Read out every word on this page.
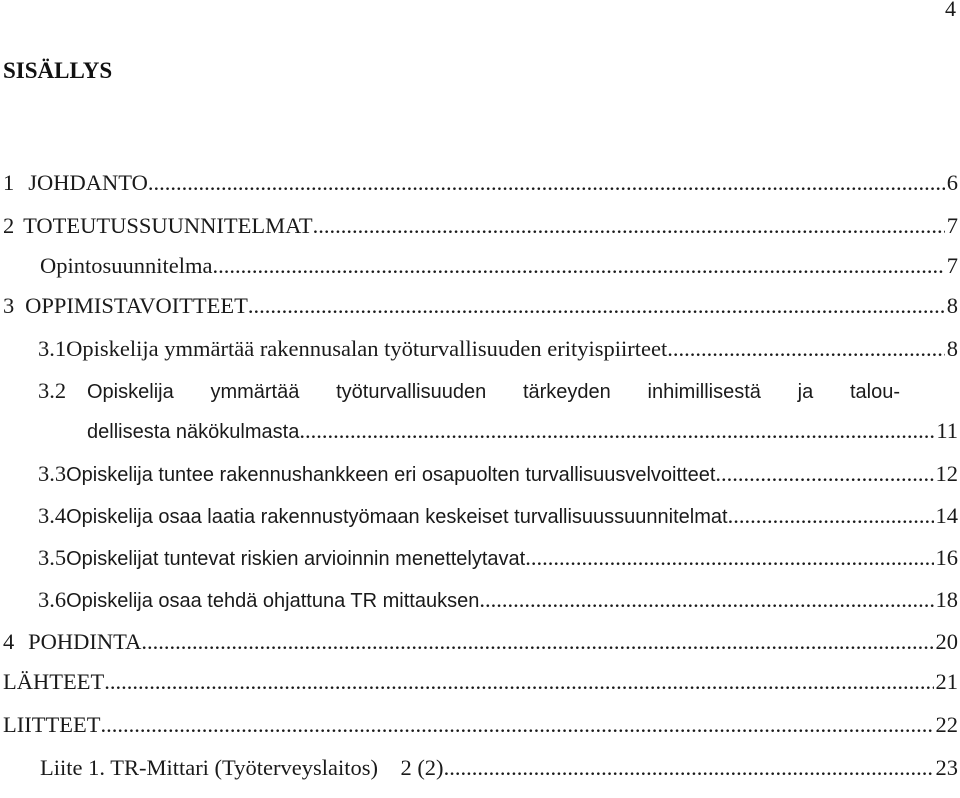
4
SISÄLLYS
1 JOHDANTO .....	6
2 TOTEUTUSSUUNNITELMAT .....	7
Opintosuunnitelma .....	7
3 OPPIMISTAVOITTEET .....	8
3.1 Opiskelija ymmärtää rakennusalan työturvallisuuden erityispiirteet .....	8
3.2	Opiskelija ymmärtää työturvallisuuden tärkeyden inhimillisestä ja talou-
dellisesta näkökulmasta .....	11
3.3 Opiskelija tuntee rakennushankkeen eri osapuolten turvallisuusvelvoitteet .....	12
3.4 Opiskelija osaa laatia rakennustyömaan keskeiset turvallisuussuunnitelmat .....	14
3.5 Opiskelijat tuntevat riskien arvioinnin menettelytavat .....	16
3.6 Opiskelija osaa tehdä ohjattuna TR mittauksen .....	18
4 POHDINTA .....	20
LÄHTEET .....	21
LIITTEET .....	22
Liite 1. TR-Mittari (Työterveyslaitos)    2 (2) .....	23
